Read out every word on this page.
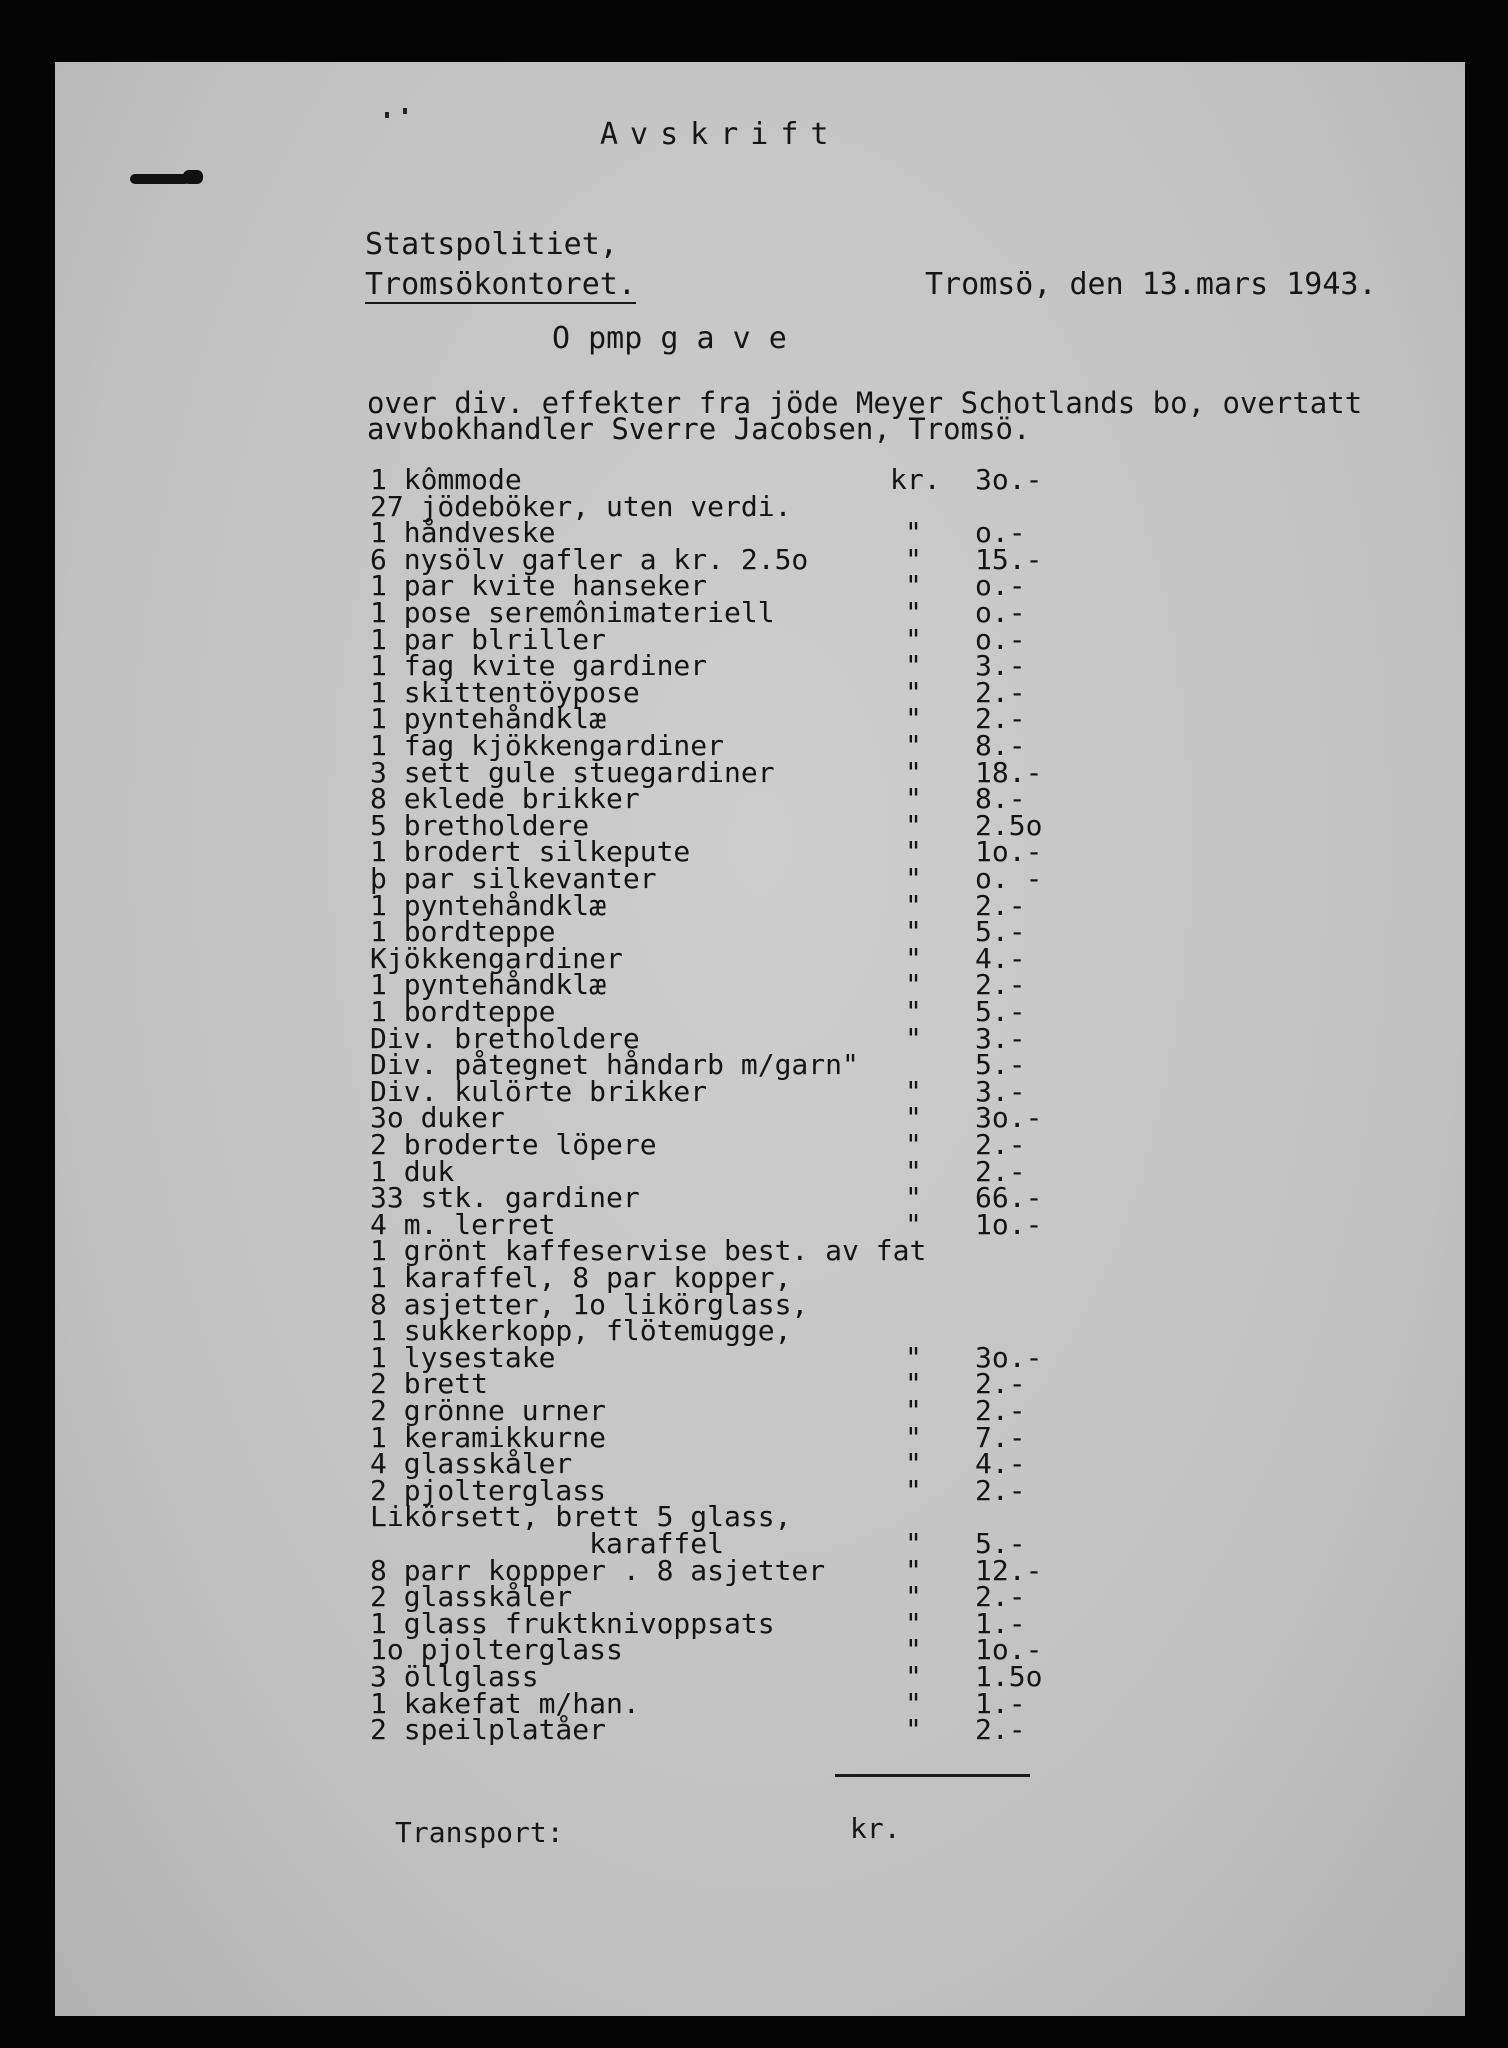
Avskrift
Statspolitiet,
Tromsökontoret.	Tromsö, den 13.mars 1943.
O pmp g a v e
over div. effekter fra jöde Meyer Schotlands bo, overtatt
av∨bokhandler Sverre Jacobsen, Tromsö.
1 kômmode	kr. 3o.-
27 jödeböker, uten verdi.
1 håndveske	" o.-
6 nysölv gafler a kr. 2.5o	" 15.-
1 par kvite hanseker	" o.-
1 pose seremônimateriell	" o.-
1 par blriller	" o.-
1 fag kvite gardiner	" 3.-
1 skittentöypose	" 2.-
1 pyntehåndklæ	" 2.-
1 fag kjökkengardiner	" 8.-
3 sett gule stuegardiner	" 18.-
8 eklede brikker	" 8.-
5 bretholdere	" 2.5o
1 brodert silkepute	" 1o.-
þ par silkevanter	" o. -
1 pyntehåndklæ	" 2.-
1 bordteppe	" 5.-
Kjökkengardiner	" 4.-
1 pyntehåndklæ	" 2.-
1 bordteppe	" 5.-
Div. bretholdere	" 3.-
Div. påtegnet håndarb m/garn"	5.-
Div. kulörte brikker	" 3.-
3o duker	" 3o.-
2 broderte löpere	" 2.-
1 duk	" 2.-
33 stk. gardiner	" 66.-
4 m. lerret	" 1o.-
1 grönt kaffeservise best. av fat
1 karaffel, 8 par kopper,
8 asjetter, 1o likörglass,
1 sukkerkopp, flötemugge,
1 lysestake	" 3o.-
2 brett	" 2.-
2 grönne urner	" 2.-
1 keramikkurne	" 7.-
4 glasskåler	" 4.-
2 pjolterglass	" 2.-
Likörsett, brett 5 glass,
karaffel	" 5.-
8 parr koppper . 8 asjetter	" 12.-
2 glasskåler	" 2.-
1 glass fruktknivoppsats	" 1.-
1o pjolterglass	" 1o.-
3 öllglass	" 1.5o
1 kakefat m/han.	" 1.-
2 speilplatåer	" 2.-
Transport:	kr.
